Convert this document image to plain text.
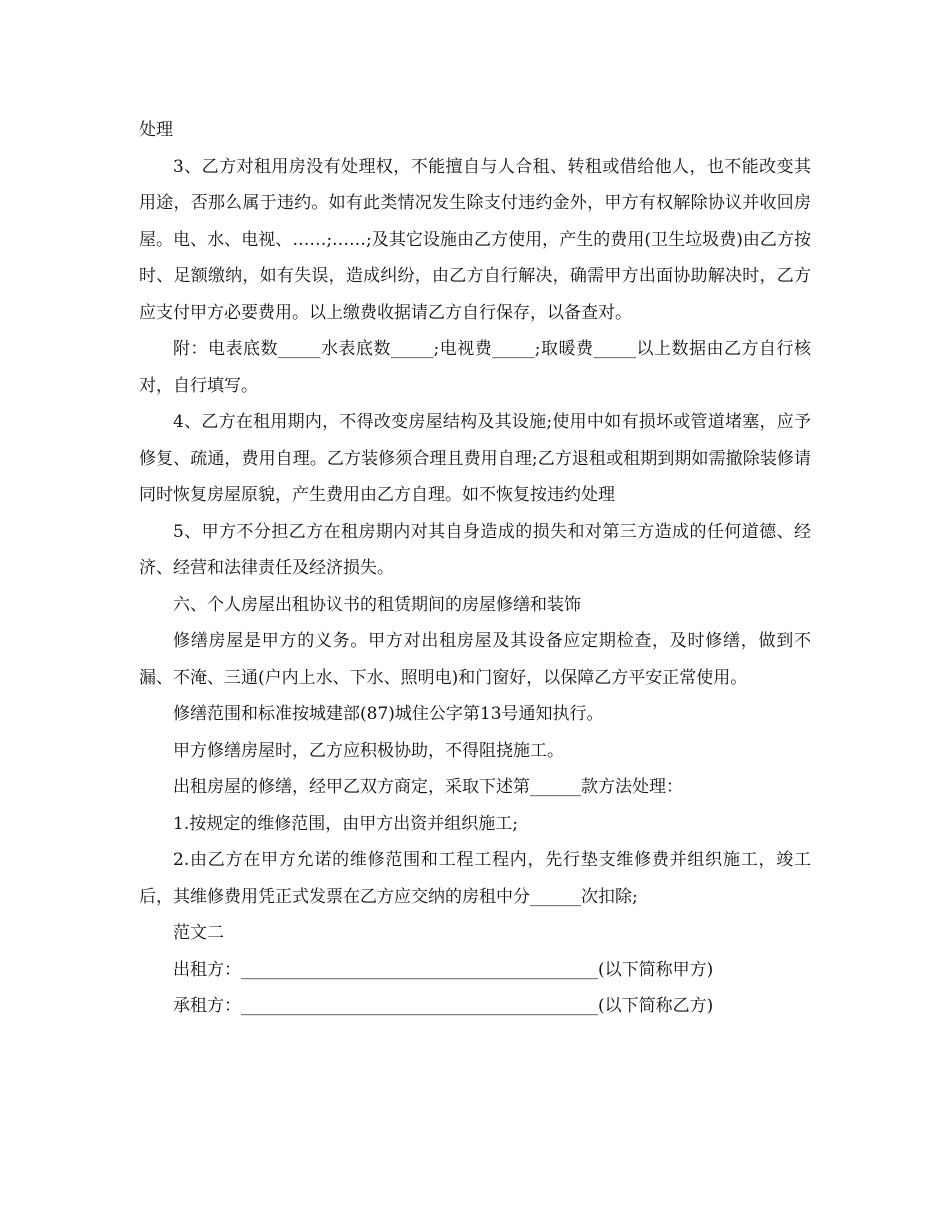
处理

3、乙方对租用房没有处理权，不能擅自与人合租、转租或借给他人，也不能改变其用途，否那么属于违约。如有此类情况发生除支付违约金外，甲方有权解除协议并收回房屋。电、水、电视、……;……;及其它设施由乙方使用，产生的费用(卫生垃圾费)由乙方按时、足额缴纳，如有失误，造成纠纷，由乙方自行解决，确需甲方出面协助解决时，乙方应支付甲方必要费用。以上缴费收据请乙方自行保存，以备查对。

附：电表底数_____水表底数_____;电视费_____;取暖费_____以上数据由乙方自行核对，自行填写。

4、乙方在租用期内，不得改变房屋结构及其设施;使用中如有损坏或管道堵塞，应予修复、疏通，费用自理。乙方装修须合理且费用自理;乙方退租或租期到期如需撤除装修请同时恢复房屋原貌，产生费用由乙方自理。如不恢复按违约处理

5、甲方不分担乙方在租房期内对其自身造成的损失和对第三方造成的任何道德、经济、经营和法律责任及经济损失。

六、个人房屋出租协议书的租赁期间的房屋修缮和装饰

修缮房屋是甲方的义务。甲方对出租房屋及其设备应定期检查，及时修缮，做到不漏、不淹、三通(户内上水、下水、照明电)和门窗好，以保障乙方平安正常使用。

修缮范围和标准按城建部(87)城住公字第13号通知执行。

甲方修缮房屋时，乙方应积极协助，不得阻挠施工。

出租房屋的修缮，经甲乙双方商定，采取下述第______款方法处理：

1.按规定的维修范围，由甲方出资并组织施工;

2.由乙方在甲方允诺的维修范围和工程工程内，先行垫支维修费并组织施工，竣工后，其维修费用凭正式发票在乙方应交纳的房租中分______次扣除;

范文二

出租方：__________________________________________(以下简称甲方)

承租方：__________________________________________(以下简称乙方)
